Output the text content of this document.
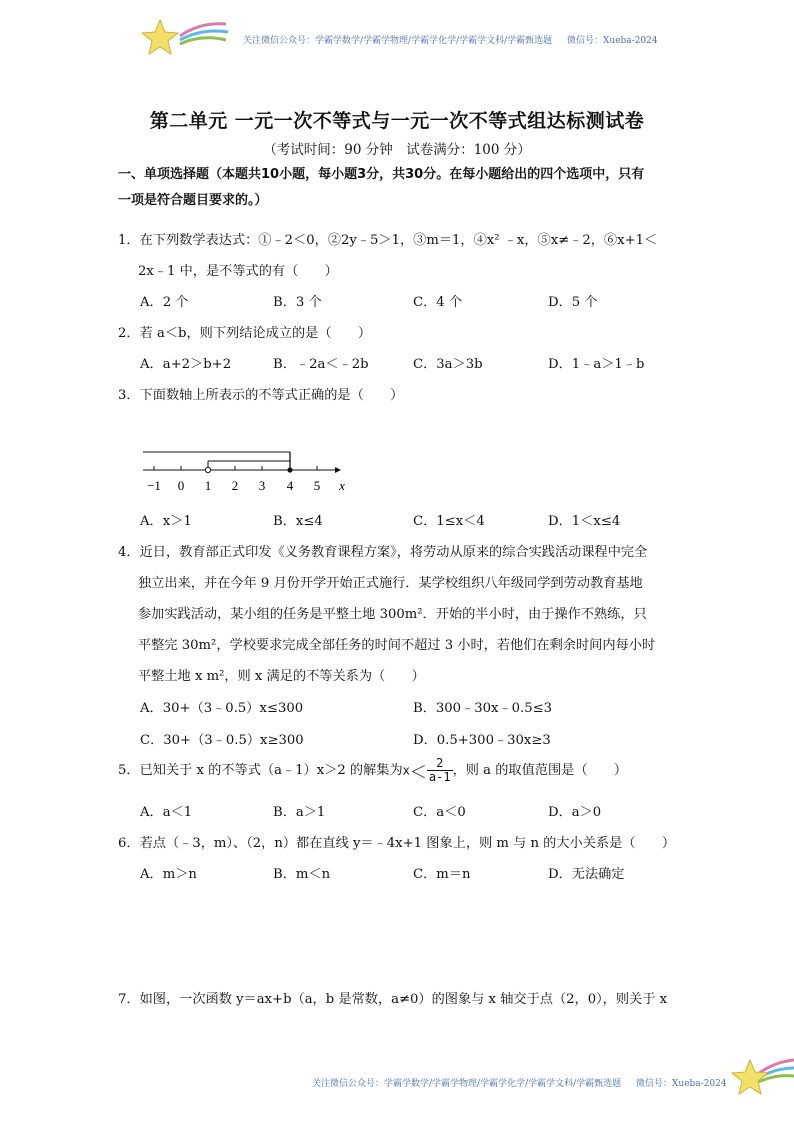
关注微信公众号：学霸学数学/学霸学物理/学霸学化学/学霸学文科/学霸甄选题 微信号：Xueba-2024
第二单元 一元一次不等式与一元一次不等式组达标测试卷
（考试时间：90 分钟　试卷满分：100 分）
一、单项选择题（本题共10小题，每小题3分，共30分。在每小题给出的四个选项中，只有
一项是符合题目要求的。）
1．在下列数学表达式：①﹣2＜0，②2y﹣5＞1，③m＝1，④x² ﹣x，⑤x≠﹣2，⑥x+1＜
2x﹣1 中，是不等式的有（　　）
A．2 个	B．3 个	C．4 个	D．5 个
2．若 a＜b，则下列结论成立的是（　　）
A．a+2＞b+2	B．﹣2a＜﹣2b	C．3a＞3b	D．1﹣a＞1﹣b
3．下面数轴上所表示的不等式正确的是（　　）
−1 0 1 2 3 4 5 x
A．x＞1	B．x≤4	C．1≤x＜4	D．1＜x≤4
4．近日，教育部正式印发《义务教育课程方案》，将劳动从原来的综合实践活动课程中完全
独立出来，并在今年 9 月份开学开始正式施行．某学校组织八年级同学到劳动教育基地
参加实践活动，某小组的任务是平整土地 300m²．开始的半小时，由于操作不熟练，只
平整完 30m²，学校要求完成全部任务的时间不超过 3 小时，若他们在剩余时间内每小时
平整土地 x m²，则 x 满足的不等关系为（　　）
A．30+（3﹣0.5）x≤300	B．300﹣30x﹣0.5≤3
C．30+（3﹣0.5）x≥300	D．0.5+300﹣30x≥3
5．已知关于 x 的不等式（a﹣1）x＞2 的解集为$x< \frac{2}{a-1}$ ，则 a 的取值范围是（　　）
A．a＜1	B．a＞1	C．a＜0	D．a＞0
6．若点（﹣3，m）、（2，n）都在直线 y＝﹣4x+1 图象上，则 m 与 n 的大小关系是（　　）
A．m＞n	B．m＜n	C．m＝n	D．无法确定
7．如图，一次函数 y＝ax+b（a，b 是常数，a≠0）的图象与 x 轴交于点（2，0），则关于 x
关注微信公众号：学霸学数学/学霸学物理/学霸学化学/学霸学文科/学霸甄选题 微信号：Xueba-2024
